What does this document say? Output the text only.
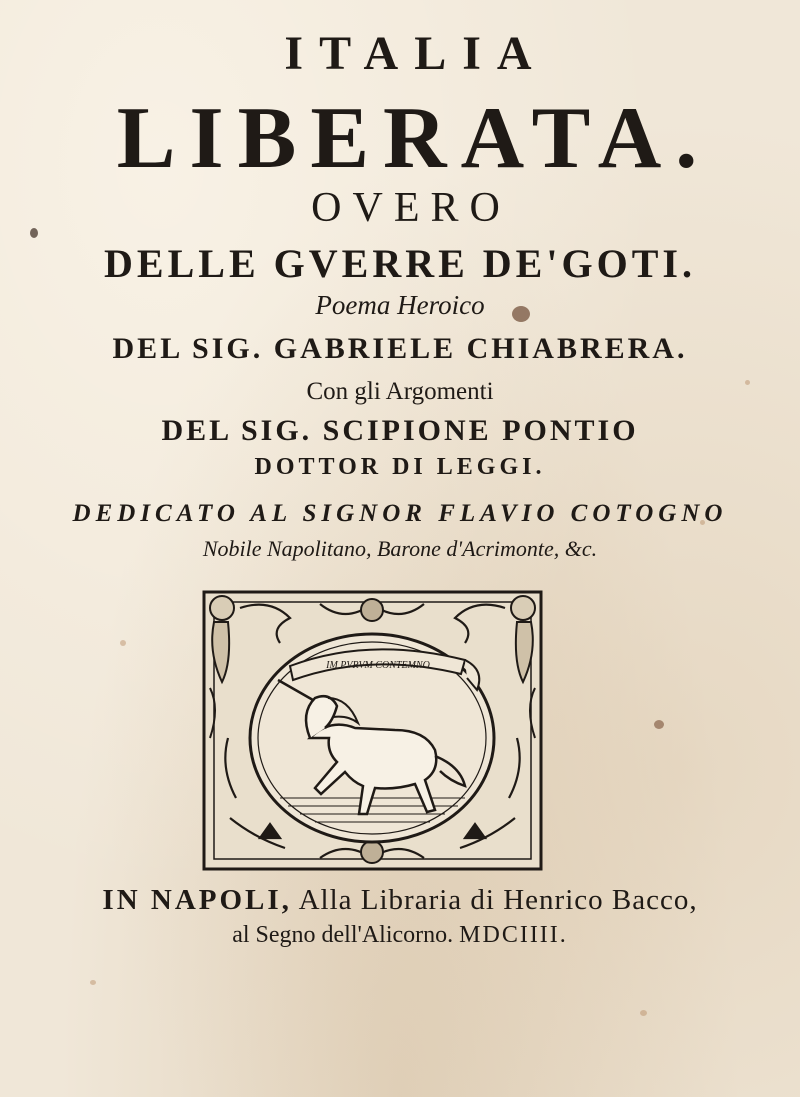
ITALIA
LIBERATA.
OVERO
DELLE GVERRE DE'GOTI.
Poema Heroico
DEL SIG. GABRIELE CHIABRERA.
Con gli Argomenti
DEL SIG. SCIPIONE PONTIO
DOTTOR DI LEGGI.
DEDICATO AL SIGNOR FLAVIO COTOGNO
Nobile Napolitano, Barone d'Acrimonte, &c.
IM PVRVM CONTEMNO
IN NAPOLI, Alla Libraria di Henrico Bacco,
al Segno dell'Alicorno. MDCIIII.
